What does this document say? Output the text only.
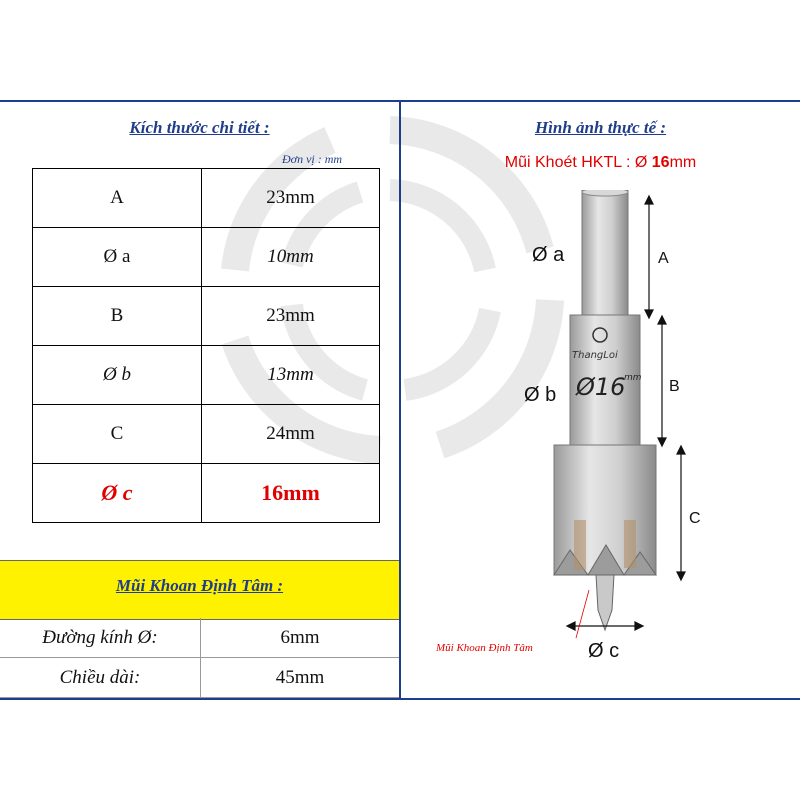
Kích thước chi tiết :
Đơn vị : mm
A	23mm
Ø a	10mm
B	23mm
Ø b	13mm
C	24mm
Ø c	16mm
Mũi Khoan Định Tâm :
Đường kính Ø:	6mm
Chiều dài:	45mm
Hình ảnh thực tế :
Mũi Khoét HKTL : Ø 16mm
ThangLoi
Ø16
mm
Ø a	A
Ø b	B
C
Ø c
Mũi Khoan Định Tâm
